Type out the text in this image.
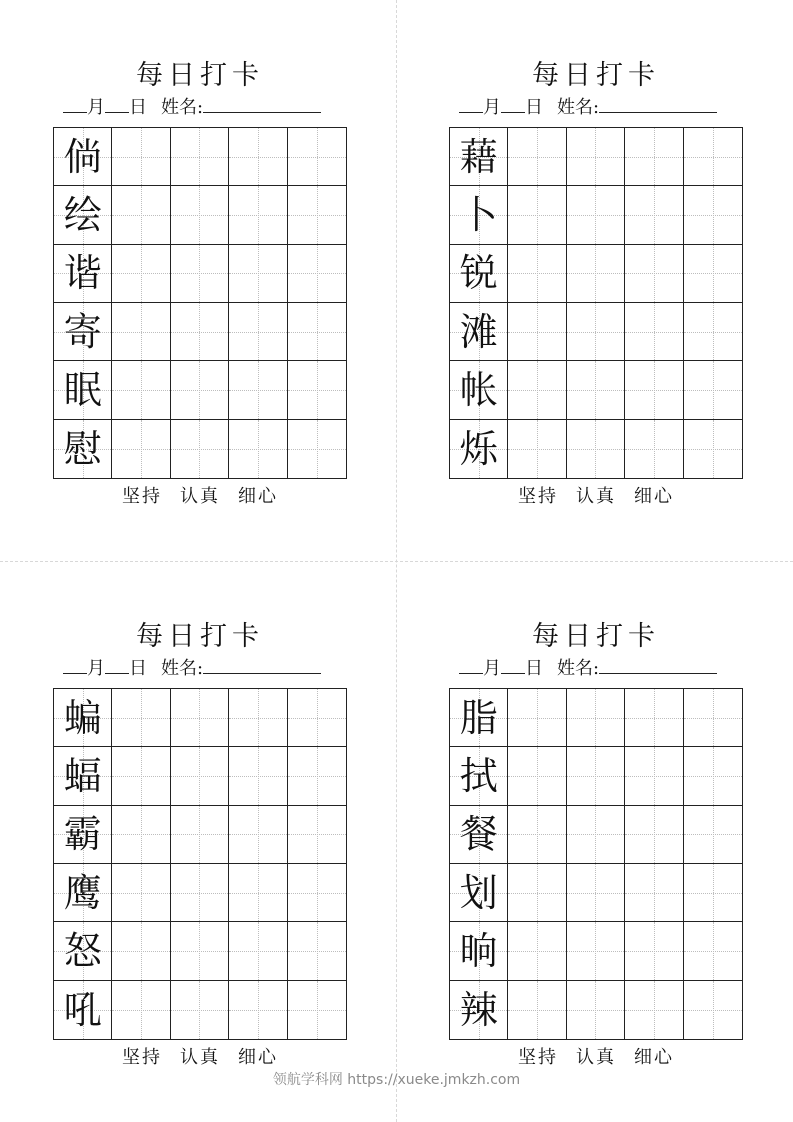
每日打卡
月 日 姓名:
倘
绘
谐
寄
眠
慰
坚持 认真 细心
每日打卡
月 日 姓名:
藉
卜
锐
滩
帐
烁
坚持 认真 细心
每日打卡
月 日 姓名:
蝙
蝠
霸
鹰
怒
吼
坚持 认真 细心
每日打卡
月 日 姓名:
脂
拭
餐
划
晌
辣
坚持 认真 细心
领航学科网 https://xueke.jmkzh.com
